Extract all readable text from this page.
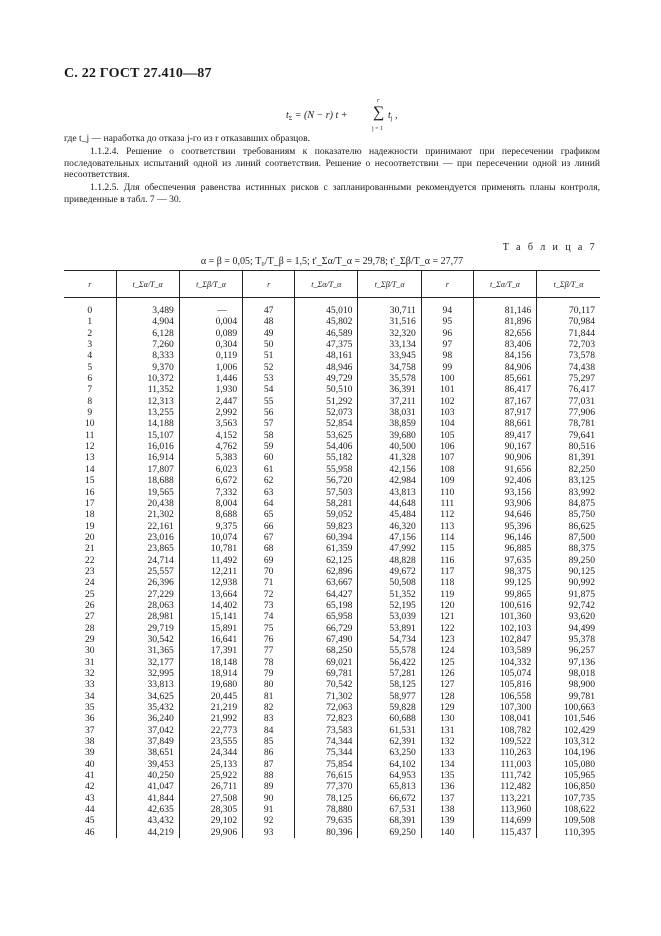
С. 22 ГОСТ 27.410—87
$t_\Sigma = (N - r) t$ +
r
∑
j = 1
$t_j$ ,
где t_j — наработка до отказа j-го из r отказавших образцов.
1.1.2.4. Решение о соответствии требованиям к показателю надежности принимают при пересечении графиком последовательных испытаний одной из линий соответствия. Решение о несоответствии — при пересечении одной из линий несоответствия.
1.1.2.5. Для обеспечения равенства истинных рисков с запланированными рекомендуется применять планы контроля, приведенные в табл. 7 — 30.
Т а б л и ц а 7
α = β = 0,05; T₀/T_β = 1,5; t'_Σα/T_α = 29,78; t'_Σβ/T_α = 27,77
r	t_Σα/T_α	t_Σβ/T_α	r	t_Σα/T_α	t_Σβ/T_α	r	t_Σα/T_α	t_Σβ/T_α
0	3,489	—	47	45,010	30,711	94	81,146	70,117
1	4,904	0,004	48	45,802	31,516	95	81,896	70,984
2	6,128	0,089	49	46,589	32,320	96	82,656	71,844
3	7,260	0,304	50	47,375	33,134	97	83,406	72,703
4	8,333	0,119	51	48,161	33,945	98	84,156	73,578
5	9,370	1,006	52	48,946	34,758	99	84,906	74,438
6	10,372	1,446	53	49,729	35,578	100	85,661	75,297
7	11,352	1,930	54	50,510	36,391	101	86,417	76,417
8	12,313	2,447	55	51,292	37,211	102	87,167	77,031
9	13,255	2,992	56	52,073	38,031	103	87,917	77,906
10	14,188	3,563	57	52,854	38,859	104	88,661	78,781
11	15,107	4,152	58	53,625	39,680	105	89,417	79,641
12	16,016	4,762	59	54,406	40,500	106	90,167	80,516
13	16,914	5,383	60	55,182	41,328	107	90,906	81,391
14	17,807	6,023	61	55,958	42,156	108	91,656	82,250
15	18,688	6,672	62	56,720	42,984	109	92,406	83,125
16	19,565	7,332	63	57,503	43,813	110	93,156	83,992
17	20,438	8,004	64	58,281	44,648	111	93,906	84,875
18	21,302	8,688	65	59,052	45,484	112	94,646	85,750
19	22,161	9,375	66	59,823	46,320	113	95,396	86,625
20	23,016	10,074	67	60,394	47,156	114	96,146	87,500
21	23,865	10,781	68	61,359	47,992	115	96,885	88,375
22	24,714	11,492	69	62,125	48,828	116	97,635	89,250
23	25,557	12,211	70	62,896	49,672	117	98,375	90,125
24	26,396	12,938	71	63,667	50,508	118	99,125	90,992
25	27,229	13,664	72	64,427	51,352	119	99,865	91,875
26	28,063	14,402	73	65,198	52,195	120	100,616	92,742
27	28,981	15,141	74	65,958	53,039	121	101,360	93,620
28	29,719	15,891	75	66,729	53,891	122	102,103	94,499
29	30,542	16,641	76	67,490	54,734	123	102,847	95,378
30	31,365	17,391	77	68,250	55,578	124	103,589	96,257
31	32,177	18,148	78	69,021	56,422	125	104,332	97,136
32	32,995	18,914	79	69,781	57,281	126	105,074	98,018
33	33,813	19,680	80	70,542	58,125	127	105,816	98,900
34	34,625	20,445	81	71,302	58,977	128	106,558	99,781
35	35,432	21,219	82	72,063	59,828	129	107,300	100,663
36	36,240	21,992	83	72,823	60,688	130	108,041	101,546
37	37,042	22,773	84	73,583	61,531	131	108,782	102,429
38	37,849	23,555	85	74,344	62,391	132	109,522	103,312
39	38,651	24,344	86	75,344	63,250	133	110,263	104,196
40	39,453	25,133	87	75,854	64,102	134	111,003	105,080
41	40,250	25,922	88	76,615	64,953	135	111,742	105,965
42	41,047	26,711	89	77,370	65,813	136	112,482	106,850
43	41,844	27,508	90	78,125	66,672	137	113,221	107,735
44	42,635	28,305	91	78,880	67,531	138	113,960	108,622
45	43,432	29,102	92	79,635	68,391	139	114,699	109,508
46	44,219	29,906	93	80,396	69,250	140	115,437	110,395
